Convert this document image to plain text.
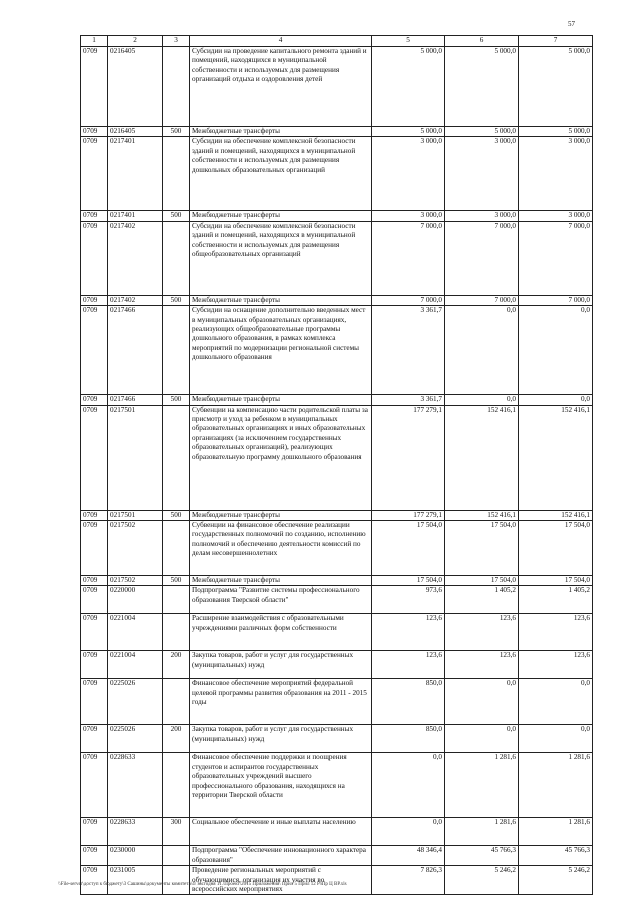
57
1	2	3	4	5	6	7
0709	0216405		Субсидии на проведение капитального ремонта зданий и помещений, находящихся в муниципальной собственности и используемых для размещения организаций отдыха и оздоровления детей	5 000,0	5 000,0	5 000,0
0709	0216405	500	Межбюджетные трансферты	5 000,0	5 000,0	5 000,0
0709	0217401		Субсидии на обеспечение комплексной безопасности зданий и помещений, находящихся в муниципальной собственности и используемых для размещения дошкольных образовательных организаций	3 000,0	3 000,0	3 000,0
0709	0217401	500	Межбюджетные трансферты	3 000,0	3 000,0	3 000,0
0709	0217402		Субсидии на обеспечение комплексной безопасности зданий и помещений, находящихся в муниципальной собственности и используемых для размещения общеобразовательных организаций	7 000,0	7 000,0	7 000,0
0709	0217402	500	Межбюджетные трансферты	7 000,0	7 000,0	7 000,0
0709	0217466		Субсидии на оснащение дополнительно введенных мест в муниципальных образовательных организациях, реализующих общеобразовательные программы дошкольного образования, в рамках комплекса мероприятий по модернизации региональной системы дошкольного образования	3 361,7	0,0	0,0
0709	0217466	500	Межбюджетные трансферты	3 361,7	0,0	0,0
0709	0217501		Субвенции на компенсацию части родительской платы за присмотр и уход за ребенком в муниципальных образовательных организациях и иных образовательных организациях (за исключением государственных образовательных организаций), реализующих образовательную программу дошкольного образования	177 279,1	152 416,1	152 416,1
0709	0217501	500	Межбюджетные трансферты	177 279,1	152 416,1	152 416,1
0709	0217502		Субвенции на финансовое обеспечение реализации государственных полномочий по созданию, исполнению полномочий и обеспечению деятельности комиссий по делам несовершеннолетних	17 504,0	17 504,0	17 504,0
0709	0217502	500	Межбюджетные трансферты	17 504,0	17 504,0	17 504,0
0709	0220000		Подпрограмма "Развитие системы профессионального образования Тверской области"	973,6	1 405,2	1 405,2
0709	0221004		Расширение взаимодействия с образовательными учреждениями различных форм собственности	123,6	123,6	123,6
0709	0221004	200	Закупка товаров, работ и услуг для государственных (муниципальных) нужд	123,6	123,6	123,6
0709	0225026		Финансовое обеспечение мероприятий федеральной целевой программы развития образования на 2011 - 2015 годы	850,0	0,0	0,0
0709	0225026	200	Закупка товаров, работ и услуг для государственных (муниципальных) нужд	850,0	0,0	0,0
0709	0228633		Финансовое обеспечение поддержки и поощрения студентов и аспирантов государственных образовательных учреждений высшего профессионального образования, находящихся на территории Тверской области	0,0	1 281,6	1 281,6
0709	0228633	300	Социальное обеспечение и иные выплаты населению	0,0	1 281,6	1 281,6
0709	0230000		Подпрограмма "Обеспечение инновационного характера образования"	48 346,4	45 766,3	45 766,3
0709	0231005		Проведение региональных мероприятий с обучающимися, организация их участия во всероссийских мероприятиях	7 826,3	5 246,2	5 246,2
\\File-server\доступ к бюджету\3 Сашины\документы комитета\4\ засгодня 11.\Проект\2015 Приложения\ Прил 5 Прил 12 РзПр Ц ВР.xls
